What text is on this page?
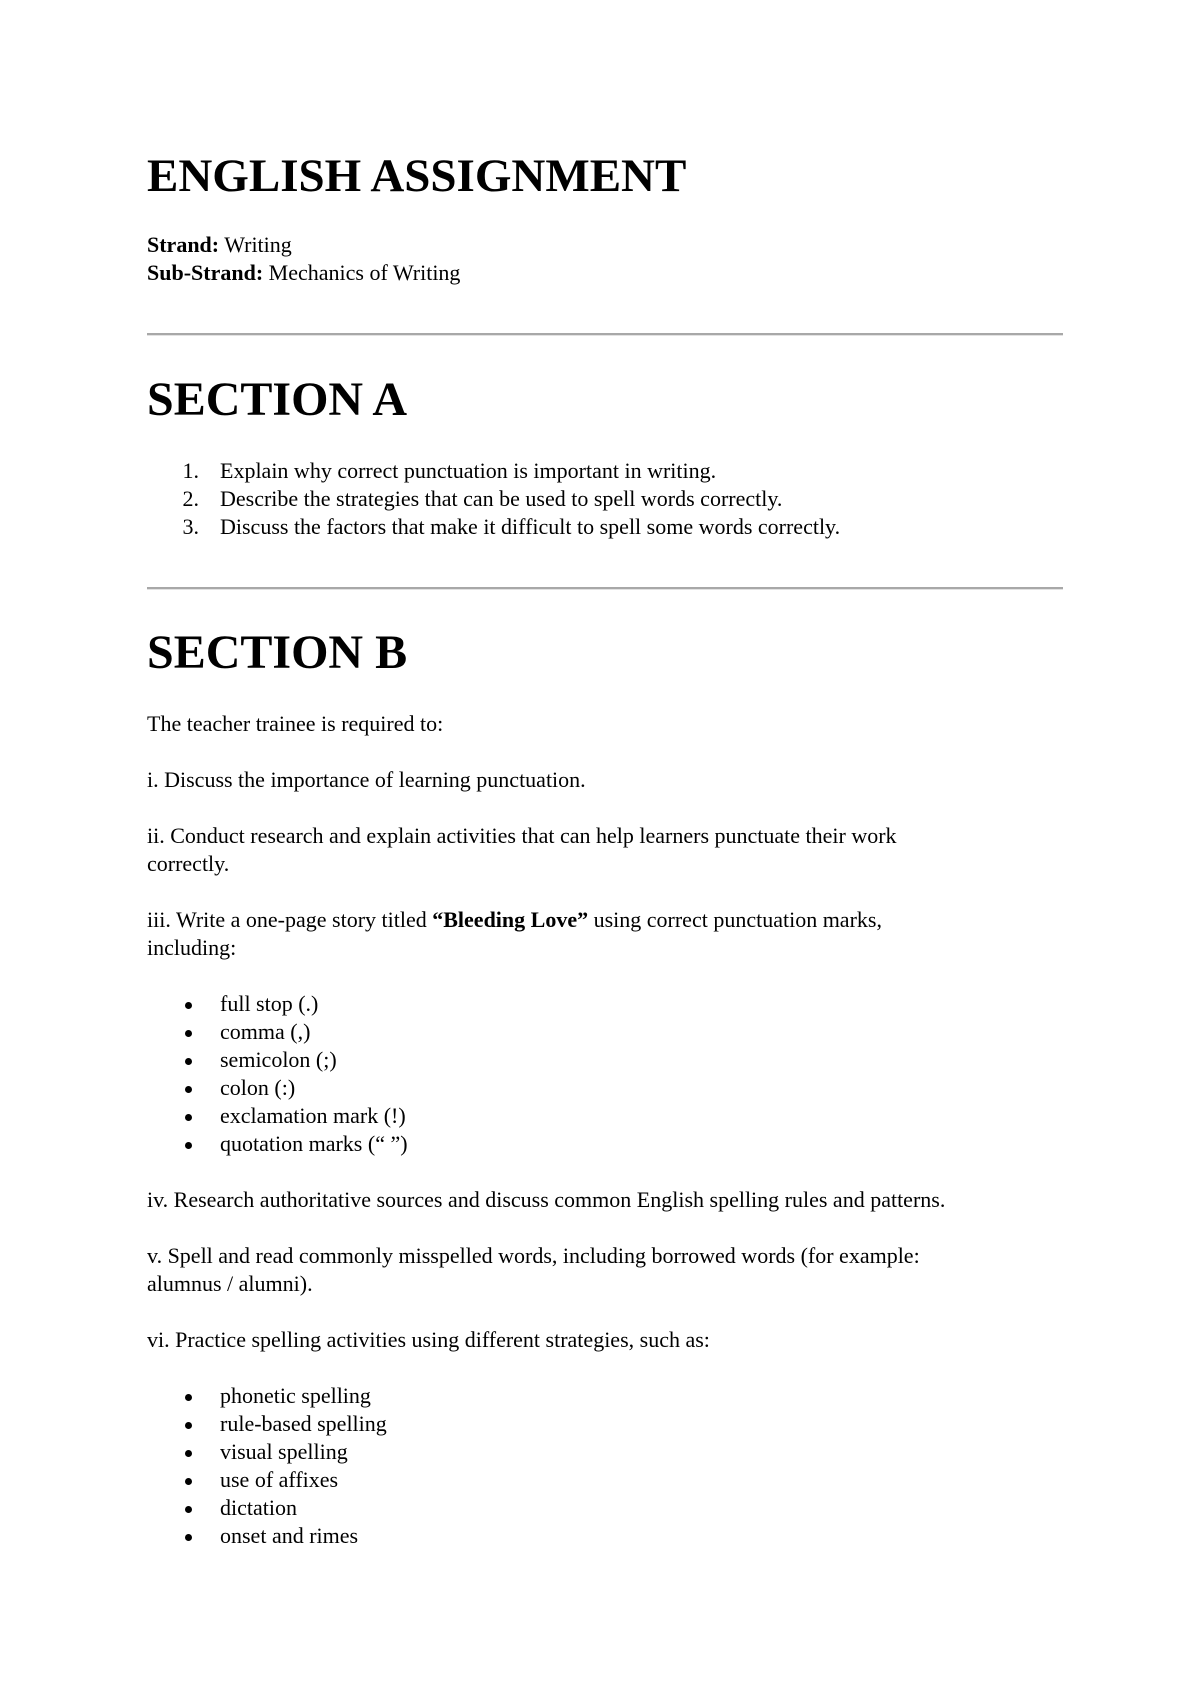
ENGLISH ASSIGNMENT
Strand: Writing
Sub-Strand: Mechanics of Writing
SECTION A
1. Explain why correct punctuation is important in writing.
2. Describe the strategies that can be used to spell words correctly.
3. Discuss the factors that make it difficult to spell some words correctly.
SECTION B
The teacher trainee is required to:
i. Discuss the importance of learning punctuation.
ii. Conduct research and explain activities that can help learners punctuate their work
correctly.
iii. Write a one-page story titled “Bleeding Love” using correct punctuation marks,
including:
full stop (.)
comma (,)
semicolon (;)
colon (:)
exclamation mark (!)
quotation marks (“ ”)
iv. Research authoritative sources and discuss common English spelling rules and patterns.
v. Spell and read commonly misspelled words, including borrowed words (for example:
alumnus / alumni).
vi. Practice spelling activities using different strategies, such as:
phonetic spelling
rule-based spelling
visual spelling
use of affixes
dictation
onset and rimes
